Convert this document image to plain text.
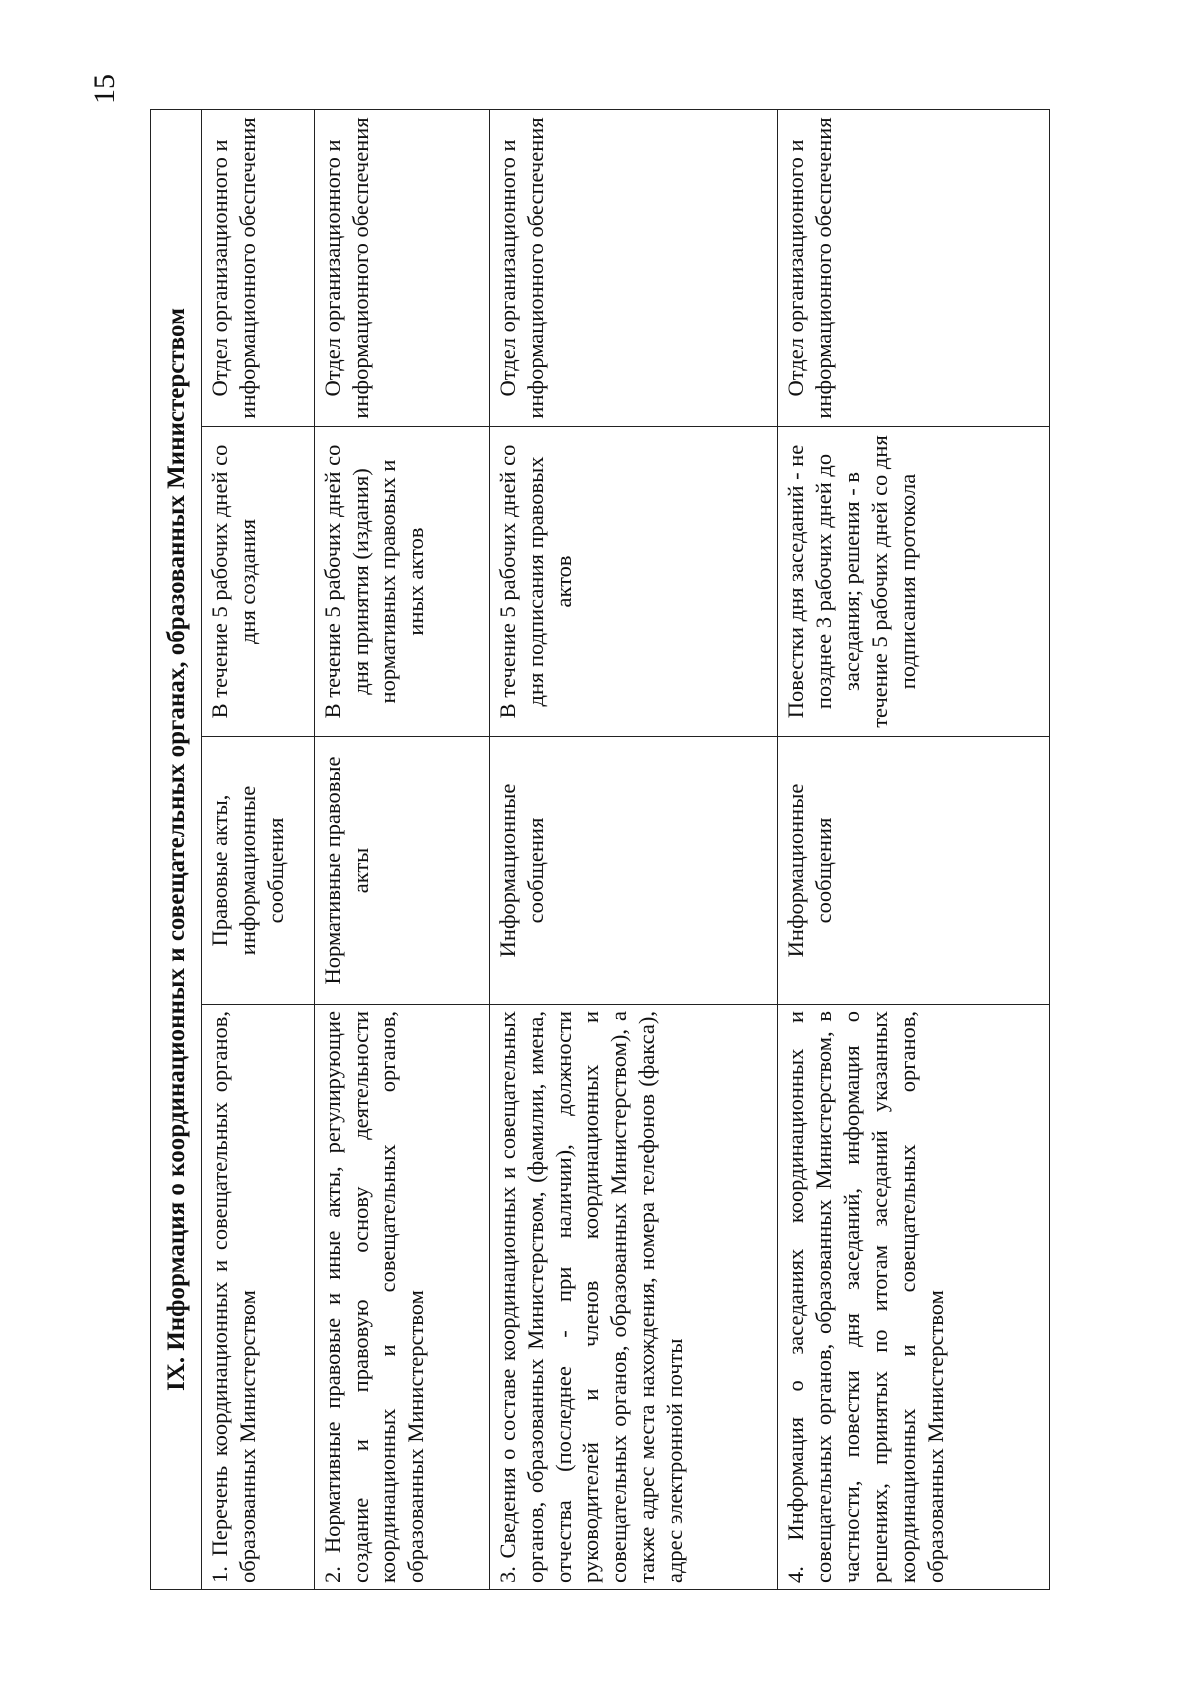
15
IX. Информация о координационных и совещательных органах, образованных Министерством			
1. Перечень координационных и совещательных органов, образованных Министерством	Правовые акты, информационные сообщения	В течение 5 рабочих дней со дня создания	Отдел организационного и информационного обеспечения
2. Нормативные правовые и иные акты, регулирующие создание и правовую основу деятельности координационных и совещательных органов, образованных Министерством	Нормативные правовые акты	В течение 5 рабочих дней со дня принятия (издания) нормативных правовых и иных актов	Отдел организационного и информационного обеспечения
3. Сведения о составе координационных и совещательных органов, образованных Министерством, (фамилии, имена, отчества (последнее - при наличии), должности руководителей и членов координационных и совещательных органов, образованных Министерством), а также адрес места нахождения, номера телефонов (факса), адрес электронной почты	Информационные сообщения	В течение 5 рабочих дней со дня подписания правовых актов	Отдел организационного и информационного обеспечения
4. Информация о заседаниях координационных и совещательных органов, образованных Министерством, в частности, повестки дня заседаний, информация о решениях, принятых по итогам заседаний указанных координационных и совещательных органов, образованных Министерством	Информационные сообщения	Повестки дня заседаний - не позднее 3 рабочих дней до заседания; решения - в течение 5 рабочих дней со дня подписания протокола	Отдел организационного и информационного обеспечения
